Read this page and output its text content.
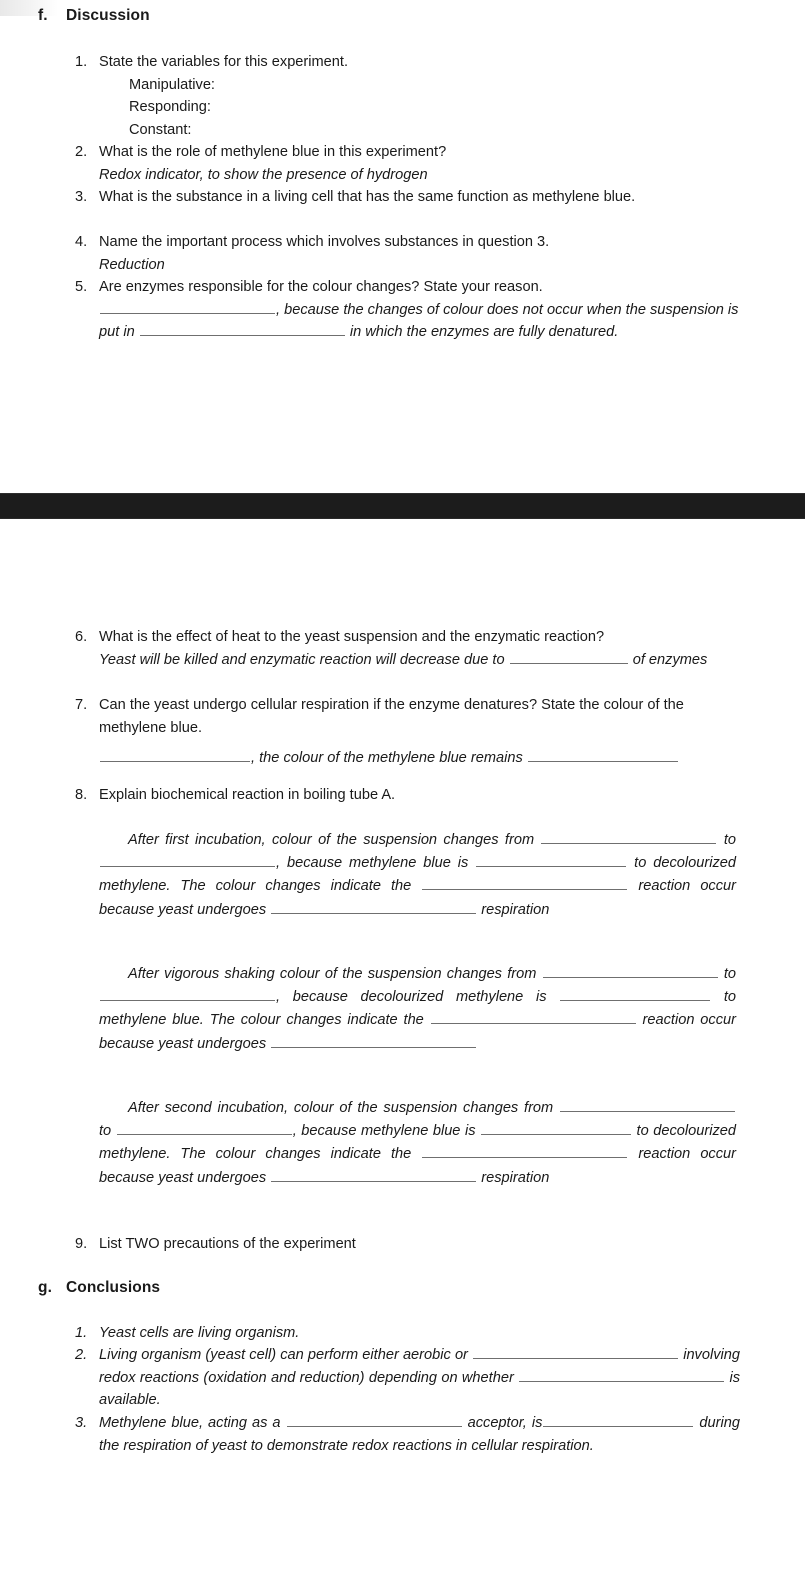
f.	Discussion
1. State the variables for this experiment.
Manipulative:
Responding:
Constant:
2. What is the role of methylene blue in this experiment?
Redox indicator, to show the presence of hydrogen
3. What is the substance in a living cell that has the same function as methylene blue.
4. Name the important process which involves substances in question 3.
Reduction
5. Are enzymes responsible for the colour changes? State your reason.
, because the changes of colour does not occur when the suspension is put in	in which the enzymes are fully denatured.
6. What is the effect of heat to the yeast suspension and the enzymatic reaction?
Yeast will be killed and enzymatic reaction will decrease due to	of enzymes
7. Can the yeast undergo cellular respiration if the enzyme denatures? State the colour of the methylene blue.
, the colour of the methylene blue remains
8. Explain biochemical reaction in boiling tube A.
After first incubation, colour of the suspension changes from	to , because methylene blue is	to decolourized methylene. The colour changes indicate the	reaction occur because yeast undergoes	respiration
After vigorous shaking colour of the suspension changes from	to , because decolourized methylene is	to methylene blue. The colour changes indicate the	reaction occur because yeast undergoes
After second incubation, colour of the suspension changes from  to	, because methylene blue is	to decolourized methylene. The colour changes indicate the	reaction occur because yeast undergoes	respiration
9. List TWO precautions of the experiment
g. Conclusions
1. Yeast cells are living organism.
2. Living organism (yeast cell) can perform either aerobic or	involving redox reactions (oxidation and reduction) depending on whether	is available.
3. Methylene blue, acting as a	acceptor, is	during the respiration of yeast to demonstrate redox reactions in cellular respiration.
